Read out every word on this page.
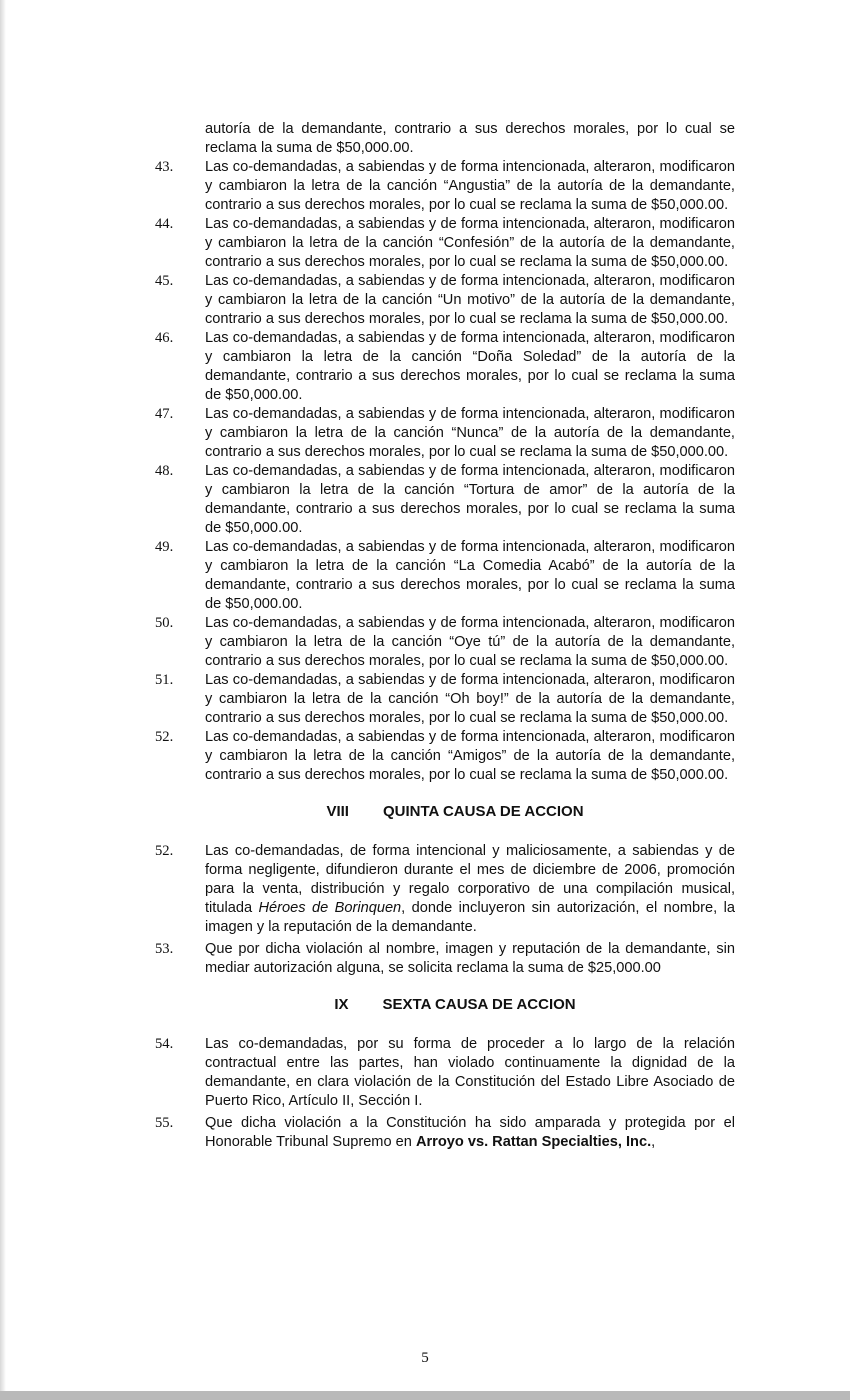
autoría de la demandante, contrario a sus derechos morales, por lo cual se reclama la suma de $50,000.00.
43. Las co-demandadas, a sabiendas y de forma intencionada, alteraron, modificaron y cambiaron la letra de la canción “Angustia” de la autoría de la demandante, contrario a sus derechos morales, por lo cual se reclama la suma de $50,000.00.
44. Las co-demandadas, a sabiendas y de forma intencionada, alteraron, modificaron y cambiaron la letra de la canción “Confesión” de la autoría de la demandante, contrario a sus derechos morales, por lo cual se reclama la suma de $50,000.00.
45. Las co-demandadas, a sabiendas y de forma intencionada, alteraron, modificaron y cambiaron la letra de la canción “Un motivo” de la autoría de la demandante, contrario a sus derechos morales, por lo cual se reclama la suma de $50,000.00.
46. Las co-demandadas, a sabiendas y de forma intencionada, alteraron, modificaron y cambiaron la letra de la canción “Doña Soledad” de la autoría de la demandante, contrario a sus derechos morales, por lo cual se reclama la suma de $50,000.00.
47. Las co-demandadas, a sabiendas y de forma intencionada, alteraron, modificaron y cambiaron la letra de la canción “Nunca” de la autoría de la demandante, contrario a sus derechos morales, por lo cual se reclama la suma de $50,000.00.
48. Las co-demandadas, a sabiendas y de forma intencionada, alteraron, modificaron y cambiaron la letra de la canción “Tortura de amor” de la autoría de la demandante, contrario a sus derechos morales, por lo cual se reclama la suma de $50,000.00.
49. Las co-demandadas, a sabiendas y de forma intencionada, alteraron, modificaron y cambiaron la letra de la canción “La Comedia Acabó” de la autoría de la demandante, contrario a sus derechos morales, por lo cual se reclama la suma de $50,000.00.
50. Las co-demandadas, a sabiendas y de forma intencionada, alteraron, modificaron y cambiaron la letra de la canción “Oye tú” de la autoría de la demandante, contrario a sus derechos morales, por lo cual se reclama la suma de $50,000.00.
51. Las co-demandadas, a sabiendas y de forma intencionada, alteraron, modificaron y cambiaron la letra de la canción “Oh boy!” de la autoría de la demandante, contrario a sus derechos morales, por lo cual se reclama la suma de $50,000.00.
52. Las co-demandadas, a sabiendas y de forma intencionada, alteraron, modificaron y cambiaron la letra de la canción “Amigos” de la autoría de la demandante, contrario a sus derechos morales, por lo cual se reclama la suma de $50,000.00.
VIII QUINTA CAUSA DE ACCION
52. Las co-demandadas, de forma intencional y maliciosamente, a sabiendas y de forma negligente, difundieron durante el mes de diciembre de 2006, promoción para la venta, distribución y regalo corporativo de una compilación musical, titulada Héroes de Borinquen, donde incluyeron sin autorización, el nombre, la imagen y la reputación de la demandante.
53. Que por dicha violación al nombre, imagen y reputación de la demandante, sin mediar autorización alguna, se solicita reclama la suma de $25,000.00
IX SEXTA CAUSA DE ACCION
54. Las co-demandadas, por su forma de proceder a lo largo de la relación contractual entre las partes, han violado continuamente la dignidad de la demandante, en clara violación de la Constitución del Estado Libre Asociado de Puerto Rico, Artículo II, Sección I.
55. Que dicha violación a la Constitución ha sido amparada y protegida por el Honorable Tribunal Supremo en Arroyo vs. Rattan Specialties, Inc.,
5
